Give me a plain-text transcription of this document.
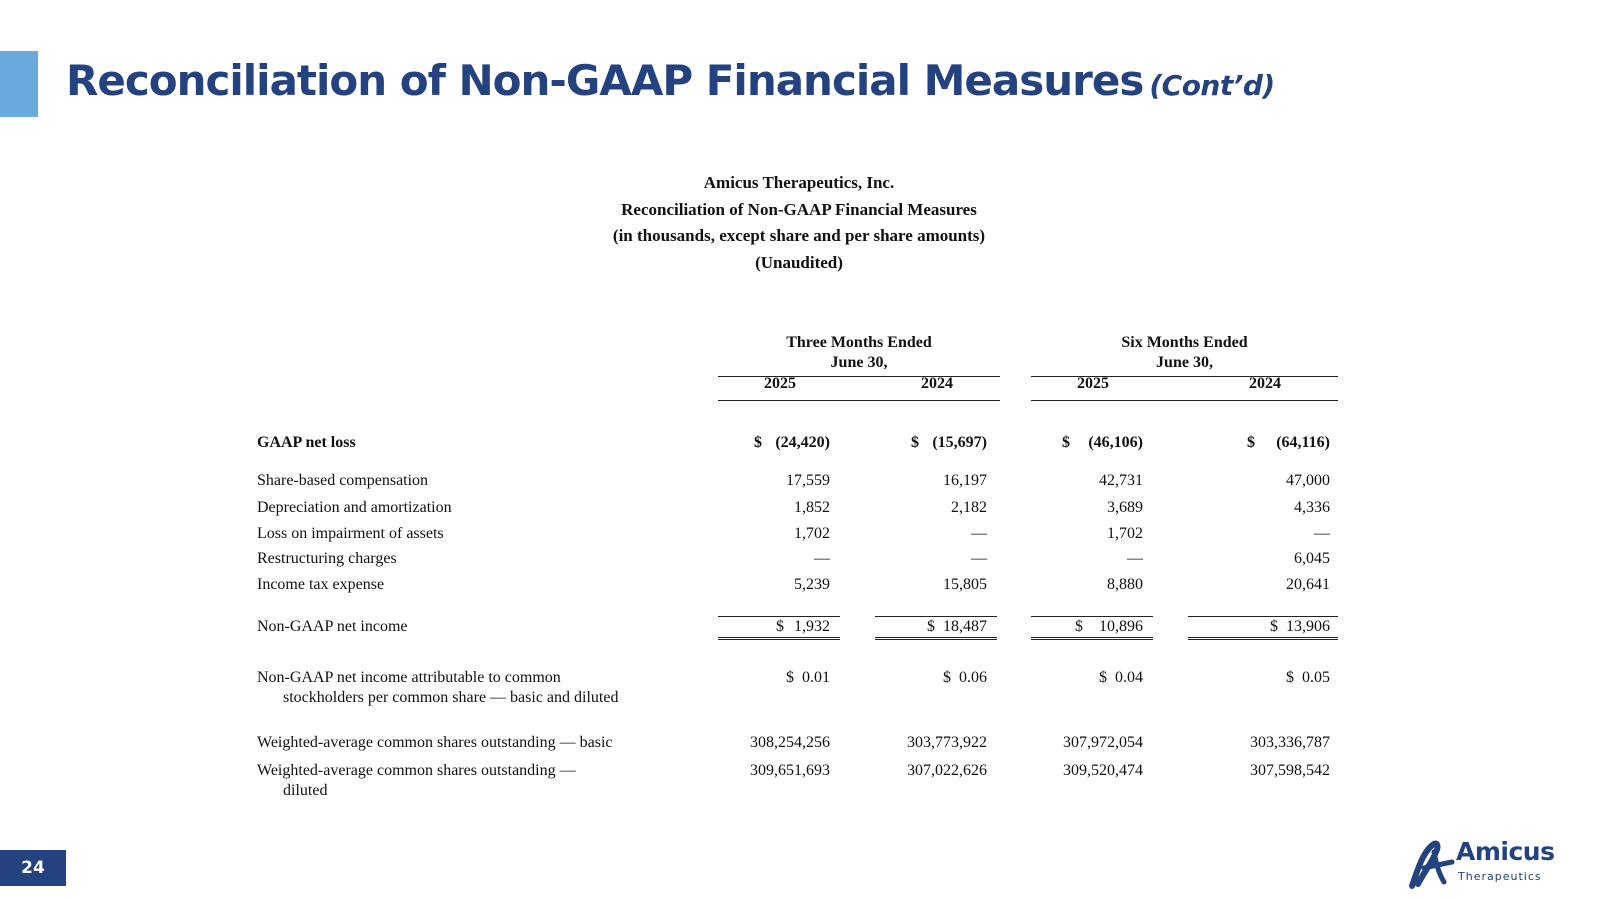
Reconciliation of Non-GAAP Financial Measures (Cont’d)
Amicus Therapeutics, Inc.
Reconciliation of Non-GAAP Financial Measures
(in thousands, except share and per share amounts)
(Unaudited)
Three Months Ended
June 30,
Six Months Ended
June 30,
2025	2024	2025	2024
GAAP net loss	$ (24,420)	$ (15,697)	$ (46,106)	$ (64,116)
Share-based compensation	17,559	16,197	42,731	47,000
Depreciation and amortization	1,852	2,182	3,689	4,336
Loss on impairment of assets	1,702	—	1,702	—
Restructuring charges	—	—	—	6,045
Income tax expense	5,239	15,805	8,880	20,641
Non-GAAP net income	$ 1,932	$ 18,487	$ 10,896	$ 13,906
Non-GAAP net income attributable to common
stockholders per common share — basic and diluted
$ 0.01	$ 0.06	$ 0.04	$ 0.05
Weighted-average common shares outstanding — basic	308,254,256	303,773,922	307,972,054	303,336,787
Weighted-average common shares outstanding —
diluted
309,651,693	307,022,626	309,520,474	307,598,542
24
Amicus
Therapeutics
